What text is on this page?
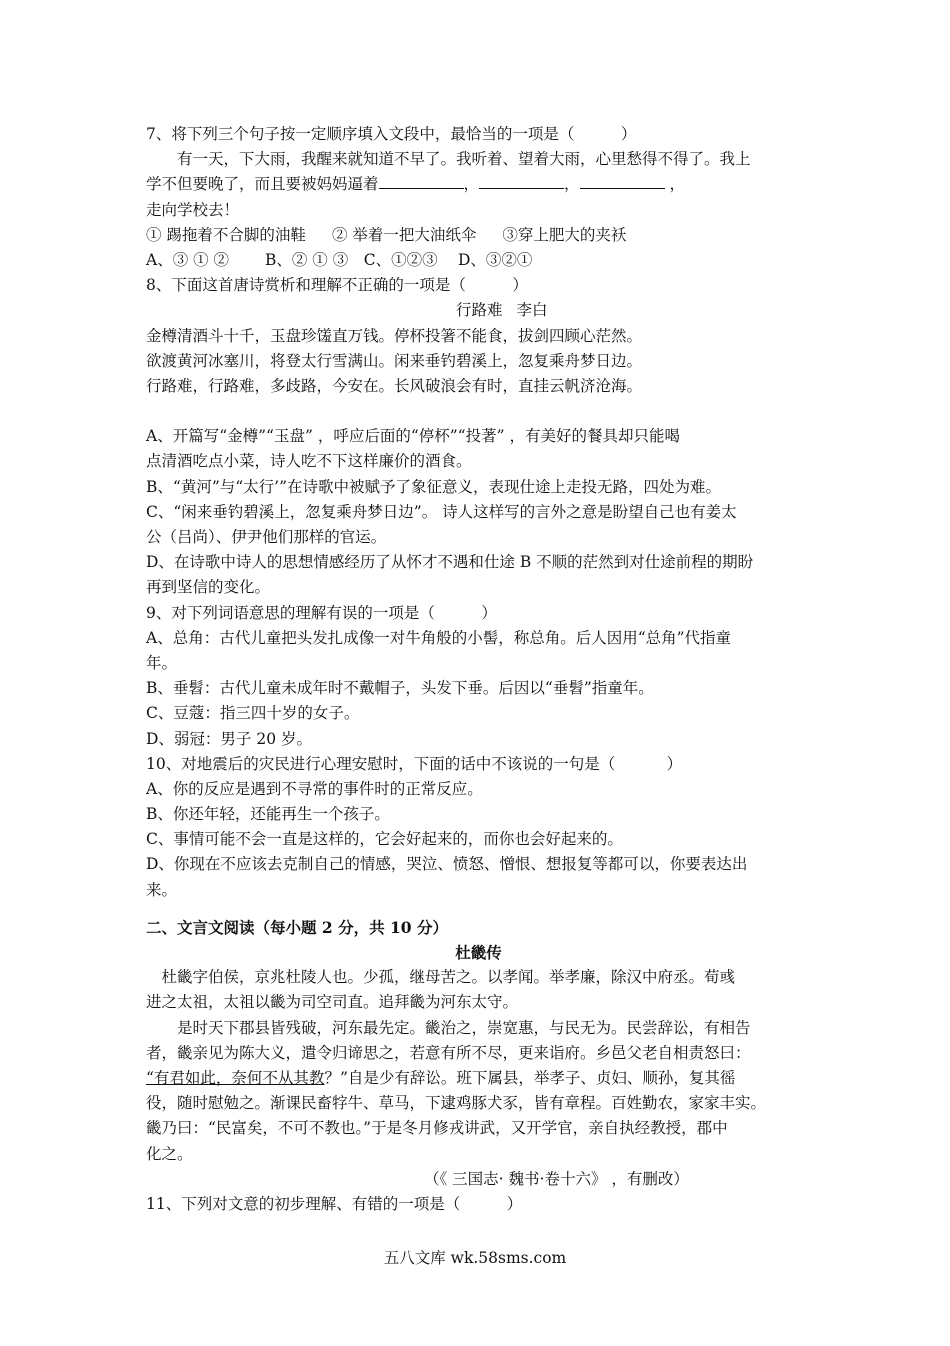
7、将下列三个句子按一定顺序填入文段中，最恰当的一项是（　　　）
有一天，下大雨，我醒来就知道不早了。我听着、望着大雨，心里愁得不得了。我上
学不但要晚了，而且要被妈妈逼着	，	，	，
走向学校去！
① 踢拖着不合脚的油鞋 ② 举着一把大油纸伞 ③穿上肥大的夹袄
A、③ ① ②　　 B、② ① ③　C、①②③　 D、③②①
8、下面这首唐诗赏析和理解不正确的一项是（　　　）
行路难 李白
金樽清酒斗十千，玉盘珍馐直万钱。停杯投箸不能食，拔剑四顾心茫然。
欲渡黄河冰塞川，将登太行雪满山。闲来垂钓碧溪上，忽复乘舟梦日边。
行路难，行路难，多歧路，今安在。长风破浪会有时，直挂云帆济沧海。
A、开篇写“金樽”“玉盘” ，呼应后面的“停杯”“投著” ，有美好的餐具却只能喝
点清酒吃点小菜，诗人吃不下这样廉价的酒食。
B、“黄河”与“太行’”在诗歌中被赋予了象征意义，表现仕途上走投无路，四处为难。
C、“闲来垂钓碧溪上，忽复乘舟梦日边”。 诗人这样写的言外之意是盼望自己也有姜太
公（吕尚）、伊尹他们那样的官运。
D、在诗歌中诗人的思想情感经历了从怀才不遇和仕途 B 不顺的茫然到对仕途前程的期盼
再到坚信的变化。
9、对下列词语意思的理解有误的一项是（　　　）
A、总角：古代儿童把头发扎成像一对牛角般的小髻，称总角。后人因用“总角”代指童
年。
B、垂髫：古代儿童未成年时不戴帽子，头发下垂。后因以“垂髫”指童年。
C、豆蔻：指三四十岁的女子。
D、弱冠：男子 20 岁。
10、对地震后的灾民进行心理安慰时，下面的话中不该说的一句是（　　　 ）
A、你的反应是遇到不寻常的事件时的正常反应。
B、你还年轻，还能再生一个孩子。
C、事情可能不会一直是这样的，它会好起来的，而你也会好起来的。
D、你现在不应该去克制自己的情感，哭泣、愤怒、憎恨、想报复等都可以，你要表达出
来。
二、文言文阅读（每小题 2 分，共 10 分）
杜畿传
　杜畿字伯侯，京兆杜陵人也。少孤，继母苦之。以孝闻。举孝廉，除汉中府丞。荀彧
进之太祖，太祖以畿为司空司直。追拜畿为河东太守。
是时天下郡县皆残破，河东最先定。畿治之，崇宽惠，与民无为。民尝辞讼，有相告
者，畿亲见为陈大义，遣令归谛思之，若意有所不尽，更来诣府。乡邑父老自相责怒曰：
“有君如此，奈何不从其教？”自是少有辞讼。班下属县，举孝子、贞妇、顺孙，复其徭
役，随时慰勉之。渐课民畜牸牛、草马，下逮鸡豚犬豕，皆有章程。百姓勤农，家家丰实。
畿乃曰：“民富矣，不可不教也。”于是冬月修戎讲武，又开学官，亲自执经教授，郡中
化之。
（《 三国志· 魏书·卷十六》 ，有删改）
11、下列对文意的初步理解、有错的一项是（　　　）
五八文库 wk.58sms.com
